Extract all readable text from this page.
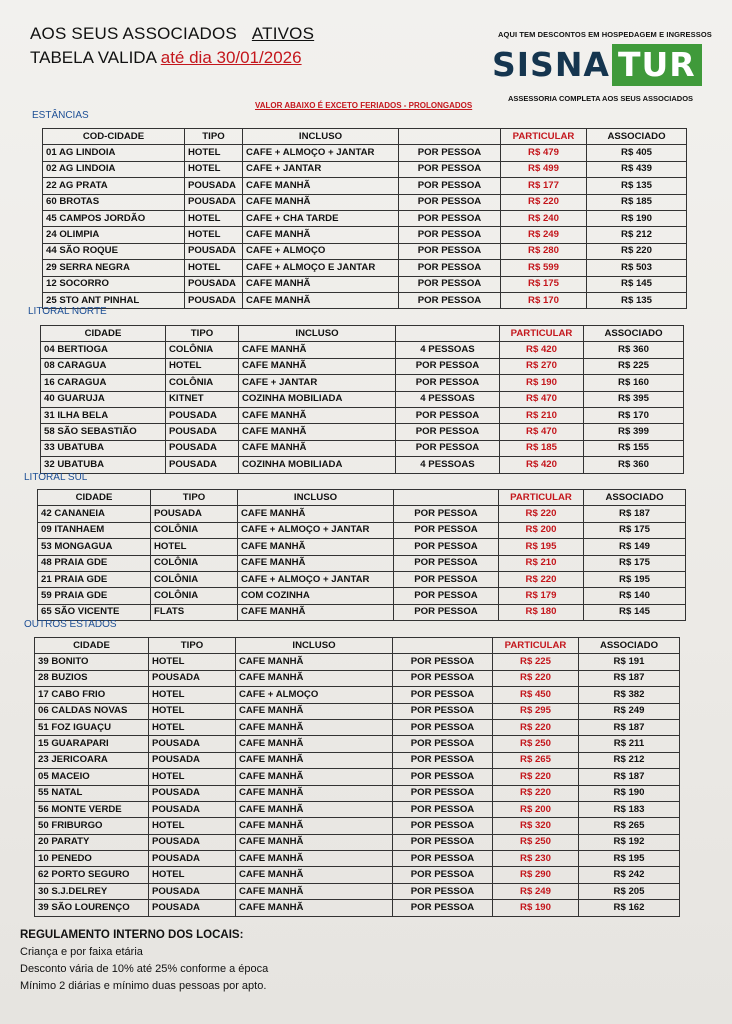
AOS SEUS ASSOCIADOS ATIVOS
TABELA VALIDA até dia 30/01/2026
AQUI TEM DESCONTOS EM HOSPEDAGEM E INGRESSOS
SISNA TUR
ASSESSORIA COMPLETA AOS SEUS ASSOCIADOS
VALOR ABAIXO É EXCETO FERIADOS - PROLONGADOS
ESTÂNCIAS
COD-CIDADE	TIPO	INCLUSO		PARTICULAR	ASSOCIADO
01 AG LINDOIA	HOTEL	CAFE + ALMOÇO + JANTAR	POR PESSOA	R$ 479	R$ 405
02 AG LINDOIA	HOTEL	CAFE + JANTAR	POR PESSOA	R$ 499	R$ 439
22 AG PRATA	POUSADA	CAFE MANHÃ	POR PESSOA	R$ 177	R$ 135
60 BROTAS	POUSADA	CAFE MANHÃ	POR PESSOA	R$ 220	R$ 185
45 CAMPOS JORDÃO	HOTEL	CAFE + CHA TARDE	POR PESSOA	R$ 240	R$ 190
24 OLIMPIA	HOTEL	CAFE MANHÃ	POR PESSOA	R$ 249	R$ 212
44 SÃO ROQUE	POUSADA	CAFE + ALMOÇO	POR PESSOA	R$ 280	R$ 220
29 SERRA NEGRA	HOTEL	CAFE + ALMOÇO E JANTAR	POR PESSOA	R$ 599	R$ 503
12 SOCORRO	POUSADA	CAFE MANHÃ	POR PESSOA	R$ 175	R$ 145
25 STO ANT PINHAL	POUSADA	CAFE MANHÃ	POR PESSOA	R$ 170	R$ 135
LITORAL NORTE
CIDADE	TIPO	INCLUSO		PARTICULAR	ASSOCIADO
04 BERTIOGA	COLÔNIA	CAFE MANHÃ	4 PESSOAS	R$ 420	R$ 360
08 CARAGUA	HOTEL	CAFE MANHÃ	POR PESSOA	R$ 270	R$ 225
16 CARAGUA	COLÔNIA	CAFE + JANTAR	POR PESSOA	R$ 190	R$ 160
40 GUARUJA	KITNET	COZINHA MOBILIADA	4 PESSOAS	R$ 470	R$ 395
31 ILHA BELA	POUSADA	CAFE MANHÃ	POR PESSOA	R$ 210	R$ 170
58 SÃO SEBASTIÃO	POUSADA	CAFE MANHÃ	POR PESSOA	R$ 470	R$ 399
33 UBATUBA	POUSADA	CAFE MANHÃ	POR PESSOA	R$ 185	R$ 155
32 UBATUBA	POUSADA	COZINHA MOBILIADA	4 PESSOAS	R$ 420	R$ 360
LITORAL SUL
CIDADE	TIPO	INCLUSO		PARTICULAR	ASSOCIADO
42 CANANEIA	POUSADA	CAFE MANHÃ	POR PESSOA	R$ 220	R$ 187
09 ITANHAEM	COLÔNIA	CAFE + ALMOÇO + JANTAR	POR PESSOA	R$ 200	R$ 175
53 MONGAGUA	HOTEL	CAFE MANHÃ	POR PESSOA	R$ 195	R$ 149
48 PRAIA GDE	COLÔNIA	CAFE MANHÃ	POR PESSOA	R$ 210	R$ 175
21 PRAIA GDE	COLÔNIA	CAFE + ALMOÇO + JANTAR	POR PESSOA	R$ 220	R$ 195
59 PRAIA GDE	COLÔNIA	COM COZINHA	POR PESSOA	R$ 179	R$ 140
65 SÃO VICENTE	FLATS	CAFE MANHÃ	POR PESSOA	R$ 180	R$ 145
OUTROS ESTADOS
CIDADE	TIPO	INCLUSO		PARTICULAR	ASSOCIADO
39 BONITO	HOTEL	CAFE MANHÃ	POR PESSOA	R$ 225	R$ 191
28 BUZIOS	POUSADA	CAFE MANHÃ	POR PESSOA	R$ 220	R$ 187
17 CABO FRIO	HOTEL	CAFE + ALMOÇO	POR PESSOA	R$ 450	R$ 382
06 CALDAS NOVAS	HOTEL	CAFE MANHÃ	POR PESSOA	R$ 295	R$ 249
51 FOZ IGUAÇU	HOTEL	CAFE MANHÃ	POR PESSOA	R$ 220	R$ 187
15 GUARAPARI	POUSADA	CAFE MANHÃ	POR PESSOA	R$ 250	R$ 211
23 JERICOARA	POUSADA	CAFE MANHÃ	POR PESSOA	R$ 265	R$ 212
05 MACEIO	HOTEL	CAFE MANHÃ	POR PESSOA	R$ 220	R$ 187
55 NATAL	POUSADA	CAFE MANHÃ	POR PESSOA	R$ 220	R$ 190
56 MONTE VERDE	POUSADA	CAFE MANHÃ	POR PESSOA	R$ 200	R$ 183
50 FRIBURGO	HOTEL	CAFE MANHÃ	POR PESSOA	R$ 320	R$ 265
20 PARATY	POUSADA	CAFE MANHÃ	POR PESSOA	R$ 250	R$ 192
10 PENEDO	POUSADA	CAFE MANHÃ	POR PESSOA	R$ 230	R$ 195
62 PORTO SEGURO	HOTEL	CAFE MANHÃ	POR PESSOA	R$ 290	R$ 242
30 S.J.DELREY	POUSADA	CAFE MANHÃ	POR PESSOA	R$ 249	R$ 205
39 SÃO LOURENÇO	POUSADA	CAFE MANHÃ	POR PESSOA	R$ 190	R$ 162
REGULAMENTO INTERNO DOS LOCAIS:
Criança e por faixa etária
Desconto vária de 10% até 25% conforme a época
Mínimo 2 diárias e mínimo duas pessoas por apto.
